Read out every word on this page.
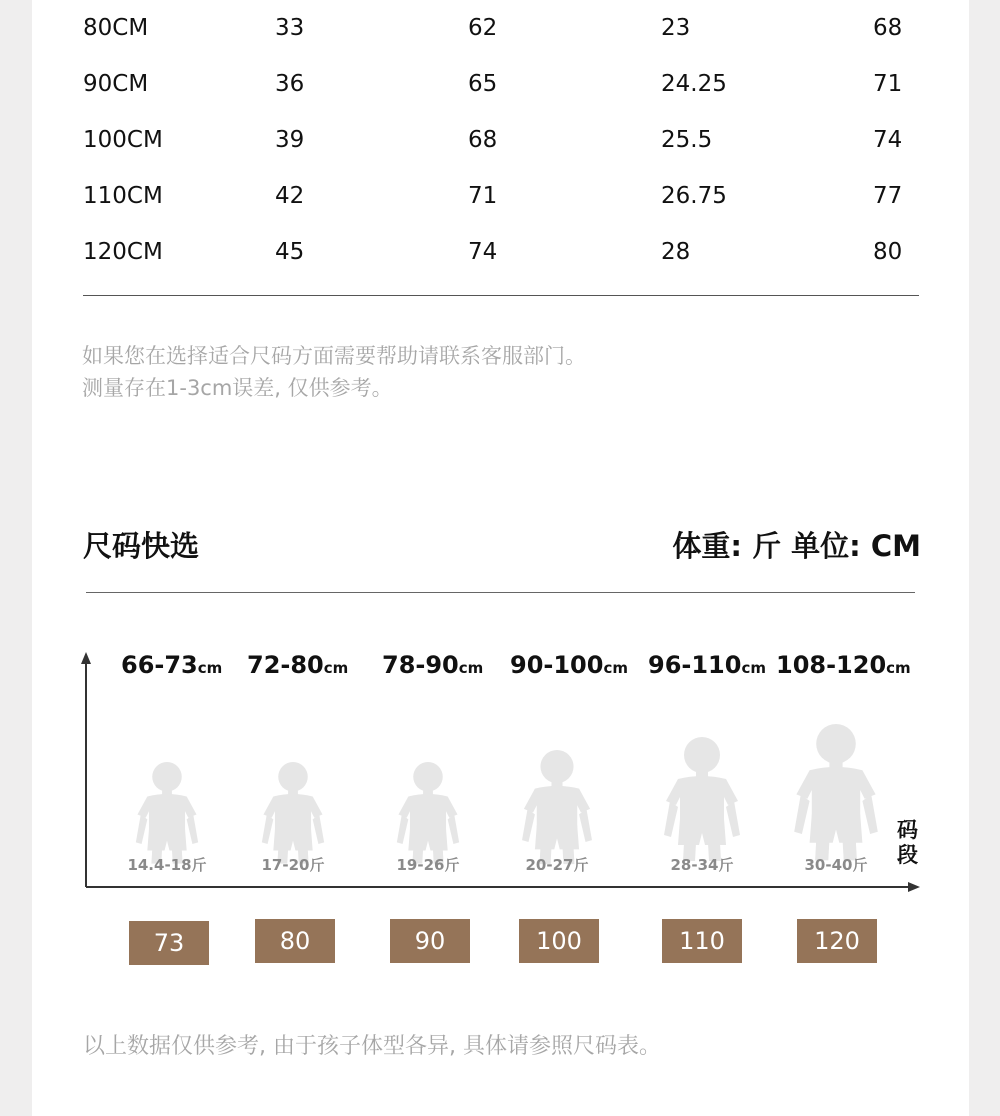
80CM	33	62	23	68
90CM	36	65	24.25	71
100CM	39	68	25.5	74
110CM	42	71	26.75	77
120CM	45	74	28	80
如果您在选择适合尺码方面需要帮助请联系客服部门。
测量存在1-3cm误差, 仅供参考。
尺码快选	体重: 斤 单位: CM
14.4-18斤	17-20斤	19-26斤	20-27斤	28-34斤	30-40斤
66-73cm 72-80cm 78-90cm 90-100cm 96-110cm 108-120cm
码段
73	80	90	100	110	120
以上数据仅供参考, 由于孩子体型各异, 具体请参照尺码表。
